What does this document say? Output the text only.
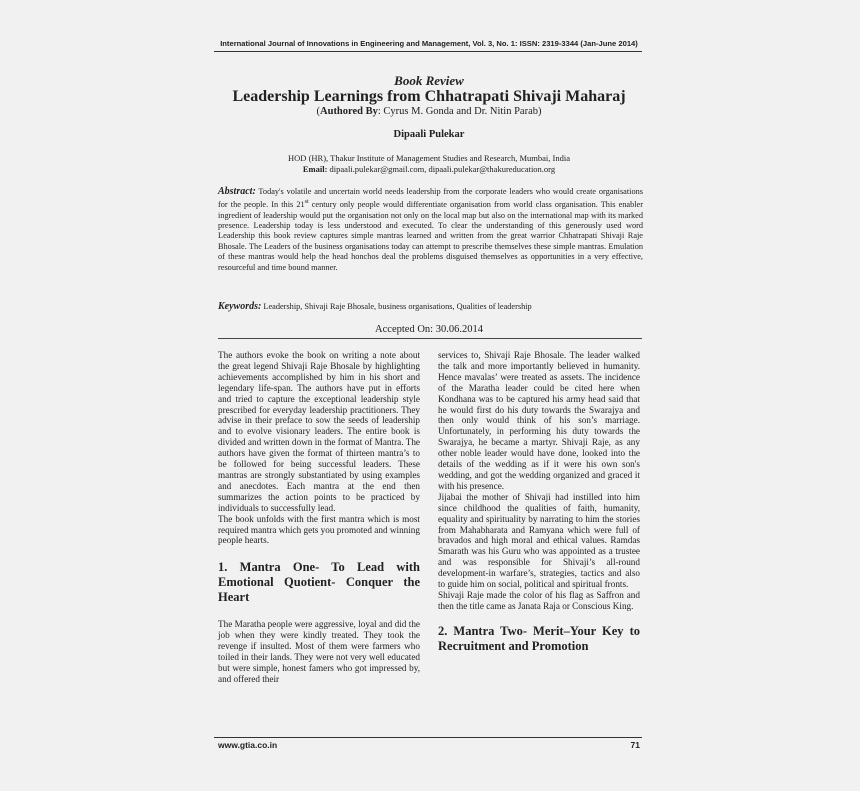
International Journal of Innovations in Engineering and Management, Vol. 3, No. 1: ISSN: 2319-3344 (Jan-June 2014)
Book Review
Leadership Learnings from Chhatrapati Shivaji Maharaj
(Authored By: Cyrus M. Gonda and Dr. Nitin Parab)
Dipaali Pulekar
HOD (HR), Thakur Institute of Management Studies and Research, Mumbai, India
Email: dipaali.pulekar@gmail.com, dipaali.pulekar@thakureducation.org
Abstract: Today's volatile and uncertain world needs leadership from the corporate leaders who would create organisations for the people. In this 21st century only people would differentiate organisation from world class organisation. This enabler ingredient of leadership would put the organisation not only on the local map but also on the international map with its marked presence. Leadership today is less understood and executed. To clear the understanding of this generously used word Leadership this book review captures simple mantras learned and written from the great warrior Chhatrapati Shivaji Raje Bhosale. The Leaders of the business organisations today can attempt to prescribe themselves these simple mantras. Emulation of these mantras would help the head honchos deal the problems disguised themselves as opportunities in a very effective, resourceful and time bound manner.
Keywords: Leadership, Shivaji Raje Bhosale, business organisations, Qualities of leadership
Accepted On: 30.06.2014

The authors evoke the book on writing a note about the great legend Shivaji Raje Bhosale by highlighting achievements accomplished by him in his short and legendary life-span. The authors have put in efforts and tried to capture the exceptional leadership style prescribed for everyday leadership practitioners. They advise in their preface to sow the seeds of leadership and to evolve visionary leaders. The entire book is divided and written down in the format of Mantra. The authors have given the format of thirteen mantra’s to be followed for being successful leaders. These mantras are strongly substantiated by using examples and anecdotes. Each mantra at the end then summarizes the action points to be practiced by individuals to successfully lead.

The book unfolds with the first mantra which is most required mantra which gets you promoted and winning people hearts.

1. Mantra One- To Lead with Emotional Quotient- Conquer the Heart

The Maratha people were aggressive, loyal and did the job when they were kindly treated. They took the revenge if insulted. Most of them were farmers who toiled in their lands. They were not very well educated but were simple, honest famers who got impressed by, and offered their

services to, Shivaji Raje Bhosale. The leader walked the talk and more importantly believed in humanity. Hence mavalas’ were treated as assets. The incidence of the Maratha leader could be cited here when Kondhana was to be captured his army head said that he would first do his duty towards the Swarajya and then only would think of his son’s marriage. Unfortunately, in performing his duty towards the Swarajya, he became a martyr. Shivaji Raje, as any other noble leader would have done, looked into the details of the wedding as if it were his own son's wedding, and got the wedding organized and graced it with his presence.

Jijabai the mother of Shivaji had instilled into him since childhood the qualities of faith, humanity, equality and spirituality by narrating to him the stories from Mahabharata and Ramyana which were full of bravados and high moral and ethical values. Ramdas Smarath was his Guru who was appointed as a trustee and was responsible for Shivaji’s all-round development-in warfare’s, strategies, tactics and also to guide him on social, political and spiritual fronts.

Shivaji Raje made the color of his flag as Saffron and then the title came as Janata Raja or Conscious King.

2. Mantra Two- Merit–Your Key to Recruitment and Promotion
www.gtia.co.in	71
